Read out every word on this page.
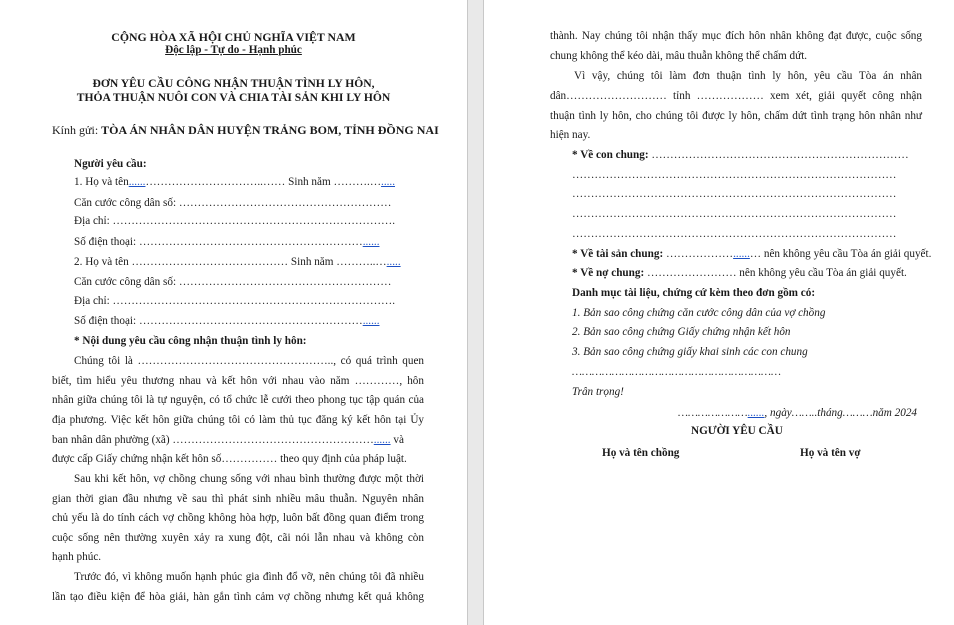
CỘNG HÒA XÃ HỘI CHỦ NGHĨA VIỆT NAM
Độc lập - Tự do - Hạnh phúc
ĐƠN YÊU CẦU CÔNG NHẬN THUẬN TÌNH LY HÔN,
THỎA THUẬN NUÔI CON VÀ CHIA TÀI SẢN KHI LY HÔN
Kính gửi: TÒA ÁN NHÂN DÂN HUYỆN TRẢNG BOM, TỈNH ĐỒNG NAI
Người yêu cầu:
1. Họ và tên......…………………………..…… Sinh năm ……….….....
Căn cước công dân số: …………………………………………………
Địa chỉ: ………………………………………………………………….
Số điện thoại: ……………………………………………………......
2. Họ và tên …………………………………… Sinh năm ………..….....
Căn cước công dân số: …………………………………………………
Địa chỉ: ………………………………………………………………….
Số điện thoại: ……………………………………………………......
* Nội dung yêu cầu công nhận thuận tình ly hôn:
Chúng tôi là …………………………………………….., có quá trình quen
biết, tìm hiểu yêu thương nhau và kết hôn với nhau vào năm …………, hôn
nhân giữa chúng tôi là tự nguyện, có tổ chức lễ cưới theo phong tục tập quán của
địa phương. Việc kết hôn giữa chúng tôi có làm thủ tục đăng ký kết hôn tại Ủy
ban nhân dân phường (xã) ………………………………………………...... và
được cấp Giấy chứng nhận kết hôn số…………… theo quy định của pháp luật.
Sau khi kết hôn, vợ chồng chung sống với nhau bình thường được một thời
gian thời gian đầu nhưng về sau thì phát sinh nhiều mâu thuẫn. Nguyên nhân
chủ yếu là do tính cách vợ chồng không hòa hợp, luôn bất đồng quan điểm trong
cuộc sống nên thường xuyên xảy ra xung đột, cãi nói lẫn nhau và không còn
hạnh phúc.
Trước đó, vì không muốn hạnh phúc gia đình đổ vỡ, nên chúng tôi đã nhiều
lần tạo điều kiện để hòa giải, hàn gắn tình cảm vợ chồng nhưng kết quả không
thành. Nay chúng tôi nhận thấy mục đích hôn nhân không đạt được, cuộc sống
chung không thể kéo dài, mâu thuẫn không thể chấm dứt.
Vì vậy, chúng tôi làm đơn thuận tình ly hôn, yêu cầu Tòa án nhân
dân……………………… tỉnh ……………… xem xét, giải quyết công nhận
thuận tình ly hôn, cho chúng tôi được ly hôn, chấm dứt tình trạng hôn nhân như
hiện nay.
* Về con chung: ……………………………………………………………
……………………………………………………………………………
……………………………………………………………………………
……………………………………………………………………………
……………………………………………………………………………
* Về tài sản chung: ………………......… nên không yêu cầu Tòa án giải quyết.
* Về nợ chung: …………………… nên không yêu cầu Tòa án giải quyết.
Danh mục tài liệu, chứng cứ kèm theo đơn gồm có:
1. Bản sao công chứng căn cước công dân của vợ chồng
2. Bản sao công chứng Giấy chứng nhận kết hôn
3. Bản sao công chứng giấy khai sinh các con chung
………………………………………………………
Trân trọng!
…………………......, ngày……..tháng………năm 2024
NGƯỜI YÊU CẦU
Họ và tên chồng	Họ và tên vợ
